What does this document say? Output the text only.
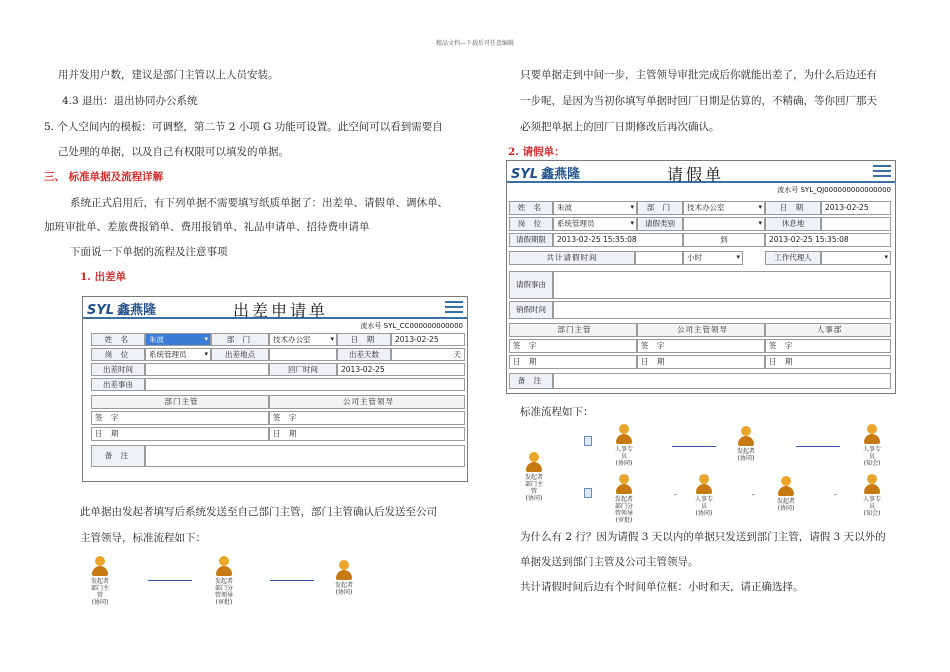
精品文档---下载后可任意编辑
用并发用户数，建议是部门主管以上人员安装。
4.3 退出：退出协同办公系统
5. 个人空间内的模板：可调整，第二节 2 小项 G 功能可设置。此空间可以看到需要自
己处理的单据，以及自己有权限可以填发的单据。
三、 标准单据及流程详解
系统正式启用后，有下列单据不需要填写纸质单据了：出差单、请假单、调休单、
加班审批单、差旅费报销单、费用报销单、礼品申请单、招待费申请单
下面说一下单据的流程及注意事项
1. 出差单
SYL 鑫燕隆	出差申请单
流水号 SYL_CC000000000000
姓 名	朱波 ▾	部 门	技术办公室 ▾	日 期	2013-02-25
岗 位	系统管理员 ▾	出差地点	出差天数	天
出差时间	回厂时间	2013-02-25
出差事由
部门主管	公司主管领导
签 字	签 字
日 期	日 期
备 注
此单据由发起者填写后系统发送至自己部门主管，部门主管确认后发送至公司
主管领导，标准流程如下：
发起者
部门主
管
(协同)
发起者
部门分
管领导
(审批)
发起者
(协同)
只要单据走到中间一步，主管领导审批完成后你就能出差了，为什么后边还有
一步呢，是因为当初你填写单据时回厂日期是估算的，不精确，等你回厂那天
必须把单据上的回厂日期修改后再次确认。
2. 请假单：
SYL 鑫燕隆	请假单
流水号 SYL_QJ000000000000000
姓 名	朱波 ▾	部 门	技术办公室 ▾	日 期	2013-02-25
岗 位	系统管理员 ▾	请假类别
▾	休息地
请假期限	2013-02-25 15:35:08	到	2013-02-25 15:35:08
共计请假时间	小时 ▾	工作代理人
▾
请假事由
销假时间
部门主管	公司主管领导	人事部
签 字	签 字	签 字
日 期	日 期	日 期
备 注
标准流程如下：
发起者
部门主
管
(协同)
人事专
员
(协同)
发起者
(协同)
人事专
员
(知会)
发起者
部门分
管领导
(审批)
-
人事专
员
(协同)
-
发起者
(协同)
-
人事专
员
(知会)
为什么有 2 行？因为请假 3 天以内的单据只发送到部门主管，请假 3 天以外的
单据发送到部门主管及公司主管领导。
共计请假时间后边有个时间单位框：小时和天，请正确选择。
